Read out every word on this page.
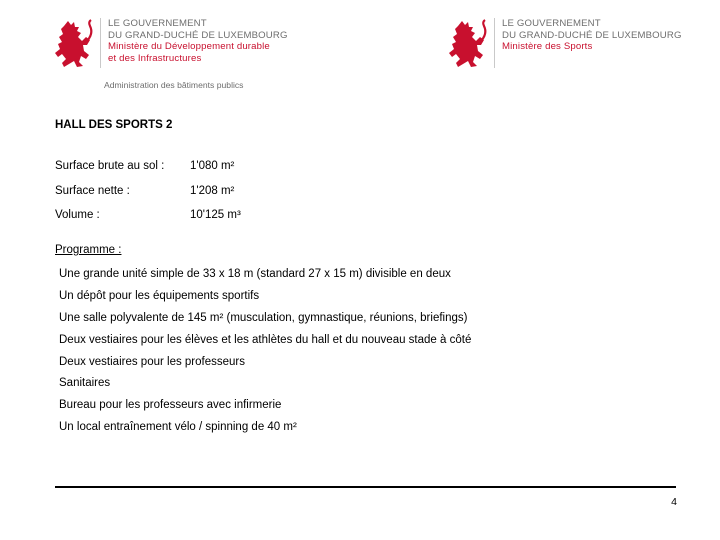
LE GOUVERNEMENT
DU GRAND-DUCHÉ DE LUXEMBOURG
Ministère du Développement durable
et des Infrastructures
Administration des bâtiments publics
LE GOUVERNEMENT
DU GRAND-DUCHÉ DE LUXEMBOURG
Ministère des Sports
HALL DES SPORTS 2
Surface brute au sol :	1'080 m²
Surface nette :	1'208 m²
Volume :	10'125 m³
Programme :
Une grande unité simple de 33 x 18 m (standard 27 x 15 m) divisible en deux
Un dépôt pour les équipements sportifs
Une salle polyvalente de 145 m² (musculation, gymnastique, réunions, briefings)
Deux vestiaires pour les élèves et les athlètes du hall et du nouveau stade à côté
Deux vestiaires pour les professeurs
Sanitaires
Bureau pour les professeurs avec infirmerie
Un local entraînement vélo / spinning de 40 m²
4
